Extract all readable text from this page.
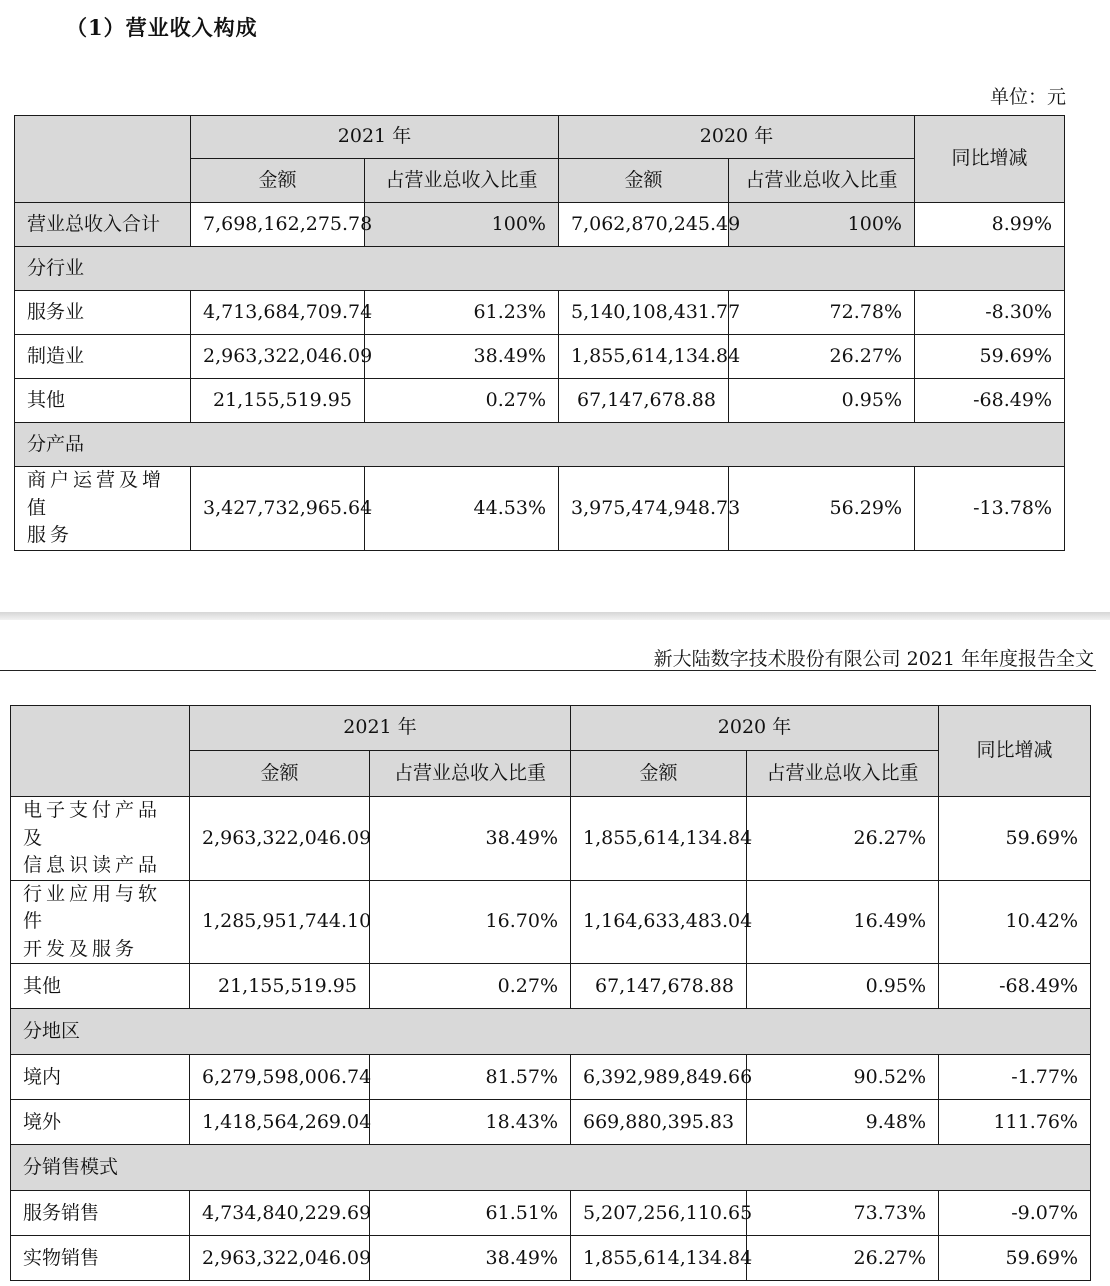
（1）营业收入构成
单位：元
	2021 年		2020 年		同比增减
	金额	占营业总收入比重	金额	占营业总收入比重	
营业总收入合计	7,698,162,275.78	100%	7,062,870,245.49	100%	8.99%
分行业					
服务业	4,713,684,709.74	61.23%	5,140,108,431.77	72.78%	-8.30%
制造业	2,963,322,046.09	38.49%	1,855,614,134.84	26.27%	59.69%
其他	21,155,519.95	0.27%	67,147,678.88	0.95%	-68.49%
分产品					
商户运营及增值
服务	3,427,732,965.64	44.53%	3,975,474,948.73	56.29%	-13.78%
新大陆数字技术股份有限公司 2021 年年度报告全文
	2021 年		2020 年		同比增减
	金额	占营业总收入比重	金额	占营业总收入比重	
电子支付产品及
信息识读产品	2,963,322,046.09	38.49%	1,855,614,134.84	26.27%	59.69%
行业应用与软件
开发及服务	1,285,951,744.10	16.70%	1,164,633,483.04	16.49%	10.42%
其他	21,155,519.95	0.27%	67,147,678.88	0.95%	-68.49%
分地区					
境内	6,279,598,006.74	81.57%	6,392,989,849.66	90.52%	-1.77%
境外	1,418,564,269.04	18.43%	669,880,395.83	9.48%	111.76%
分销售模式					
服务销售	4,734,840,229.69	61.51%	5,207,256,110.65	73.73%	-9.07%
实物销售	2,963,322,046.09	38.49%	1,855,614,134.84	26.27%	59.69%
